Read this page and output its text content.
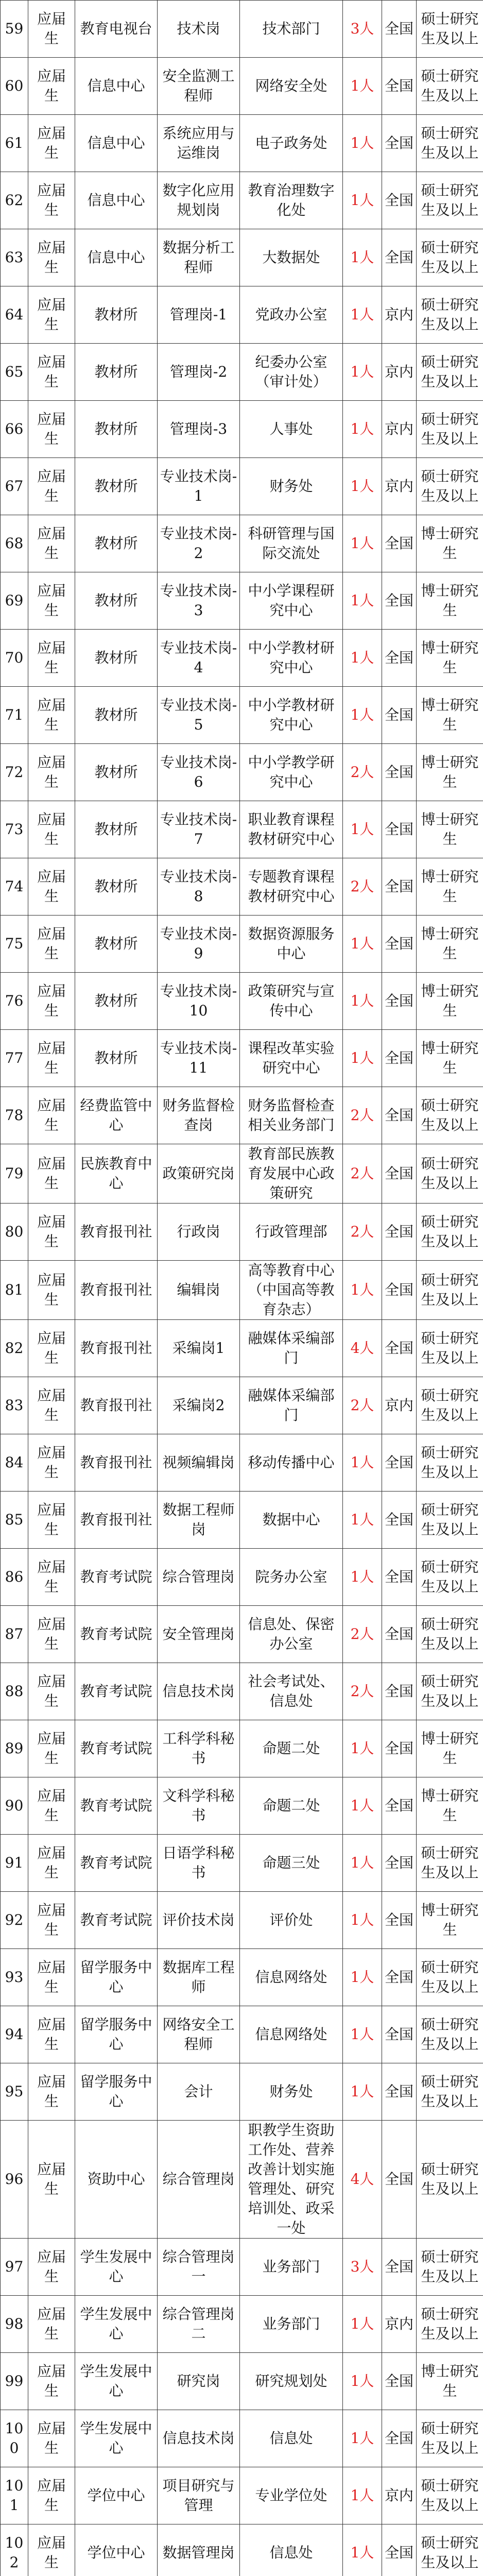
59	应届生	教育电视台	技术岗	技术部门	3人	全国	硕士研究生及以上
60	应届生	信息中心	安全监测工程师	网络安全处	1人	全国	硕士研究生及以上
61	应届生	信息中心	系统应用与运维岗	电子政务处	1人	全国	硕士研究生及以上
62	应届生	信息中心	数字化应用规划岗	教育治理数字化处	1人	全国	硕士研究生及以上
63	应届生	信息中心	数据分析工程师	大数据处	1人	全国	硕士研究生及以上
64	应届生	教材所	管理岗-1	党政办公室	1人	京内	硕士研究生及以上
65	应届生	教材所	管理岗-2	纪委办公室（审计处）	1人	京内	硕士研究生及以上
66	应届生	教材所	管理岗-3	人事处	1人	京内	硕士研究生及以上
67	应届生	教材所	专业技术岗-1	财务处	1人	京内	硕士研究生及以上
68	应届生	教材所	专业技术岗-2	科研管理与国际交流处	1人	全国	博士研究生
69	应届生	教材所	专业技术岗-3	中小学课程研究中心	1人	全国	博士研究生
70	应届生	教材所	专业技术岗-4	中小学教材研究中心	1人	全国	博士研究生
71	应届生	教材所	专业技术岗-5	中小学教材研究中心	1人	全国	博士研究生
72	应届生	教材所	专业技术岗-6	中小学教学研究中心	2人	全国	博士研究生
73	应届生	教材所	专业技术岗-7	职业教育课程教材研究中心	1人	全国	博士研究生
74	应届生	教材所	专业技术岗-8	专题教育课程教材研究中心	2人	全国	博士研究生
75	应届生	教材所	专业技术岗-9	数据资源服务中心	1人	全国	博士研究生
76	应届生	教材所	专业技术岗-10	政策研究与宣传中心	1人	全国	博士研究生
77	应届生	教材所	专业技术岗-11	课程改革实验研究中心	1人	全国	博士研究生
78	应届生	经费监管中心	财务监督检查岗	财务监督检查相关业务部门	2人	全国	硕士研究生及以上
79	应届生	民族教育中心	政策研究岗	教育部民族教育发展中心政策研究	2人	全国	硕士研究生及以上
80	应届生	教育报刊社	行政岗	行政管理部	2人	全国	硕士研究生及以上
81	应届生	教育报刊社	编辑岗	高等教育中心（中国高等教育杂志）	1人	全国	硕士研究生及以上
82	应届生	教育报刊社	采编岗1	融媒体采编部门	4人	全国	硕士研究生及以上
83	应届生	教育报刊社	采编岗2	融媒体采编部门	2人	京内	硕士研究生及以上
84	应届生	教育报刊社	视频编辑岗	移动传播中心	1人	全国	硕士研究生及以上
85	应届生	教育报刊社	数据工程师岗	数据中心	1人	全国	硕士研究生及以上
86	应届生	教育考试院	综合管理岗	院务办公室	1人	全国	硕士研究生及以上
87	应届生	教育考试院	安全管理岗	信息处、保密办公室	2人	全国	硕士研究生及以上
88	应届生	教育考试院	信息技术岗	社会考试处、信息处	2人	全国	硕士研究生及以上
89	应届生	教育考试院	工科学科秘书	命题二处	1人	全国	博士研究生
90	应届生	教育考试院	文科学科秘书	命题二处	1人	全国	博士研究生
91	应届生	教育考试院	日语学科秘书	命题三处	1人	全国	硕士研究生及以上
92	应届生	教育考试院	评价技术岗	评价处	1人	全国	博士研究生
93	应届生	留学服务中心	数据库工程师	信息网络处	1人	全国	硕士研究生及以上
94	应届生	留学服务中心	网络安全工程师	信息网络处	1人	全国	硕士研究生及以上
95	应届生	留学服务中心	会计	财务处	1人	全国	硕士研究生及以上
96	应届生	资助中心	综合管理岗	职教学生资助工作处、营养改善计划实施管理处、研究培训处、政采一处	4人	全国	硕士研究生及以上
97	应届生	学生发展中心	综合管理岗一	业务部门	3人	全国	硕士研究生及以上
98	应届生	学生发展中心	综合管理岗二	业务部门	1人	京内	硕士研究生及以上
99	应届生	学生发展中心	研究岗	研究规划处	1人	全国	博士研究生
100	应届生	学生发展中心	信息技术岗	信息处	1人	全国	硕士研究生及以上
101	应届生	学位中心	项目研究与管理	专业学位处	1人	京内	硕士研究生及以上
102	应届生	学位中心	数据管理岗	信息处	1人	全国	硕士研究生及以上
